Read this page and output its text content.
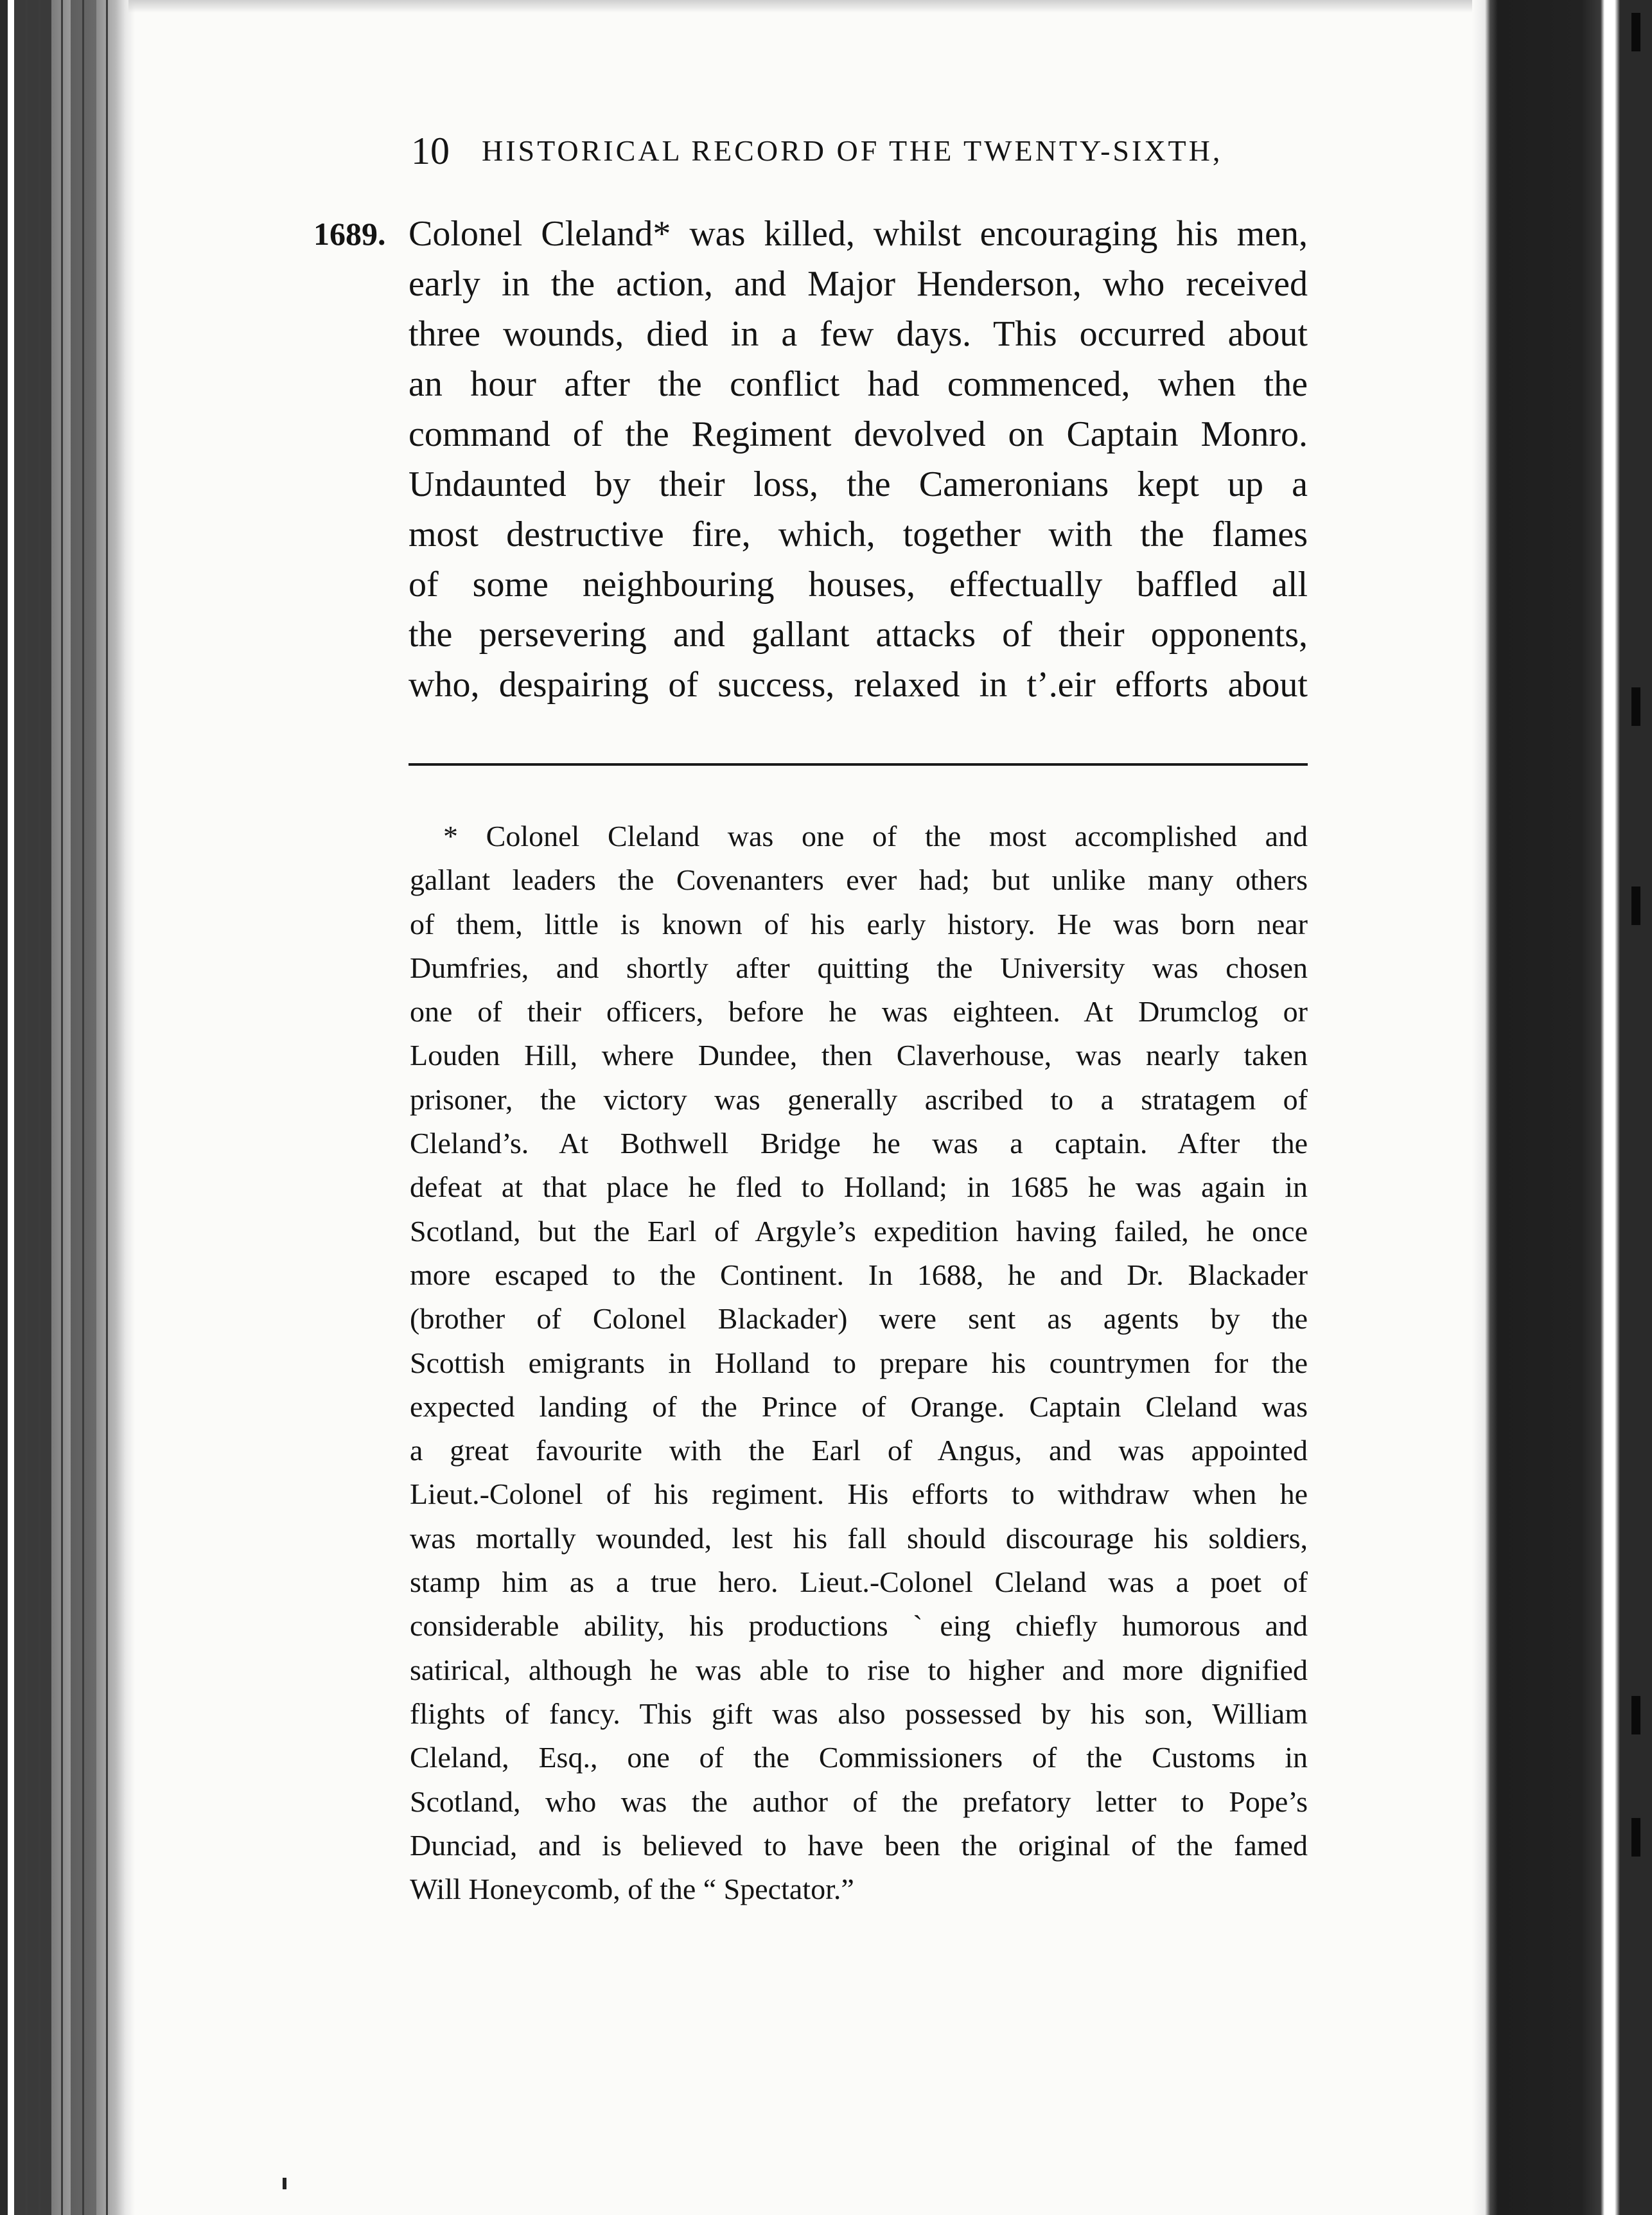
10 HISTORICAL RECORD OF THE TWENTY-SIXTH,
1689. Colonel Cleland* was killed, whilst encouraging his men,
early in the action, and Major Henderson, who received
three wounds, died in a few days. This occurred about
an hour after the conflict had commenced, when the
command of the Regiment devolved on Captain Monro.
Undaunted by their loss, the Cameronians kept up a
most destructive fire, which, together with the flames
of some neighbouring houses, effectually baffled all
the persevering and gallant attacks of their opponents,
who, despairing of success, relaxed in t’.eir efforts about
* Colonel Cleland was one of the most accomplished and
gallant leaders the Covenanters ever had; but unlike many others
of them, little is known of his early history. He was born near
Dumfries, and shortly after quitting the University was chosen
one of their officers, before he was eighteen. At Drumclog or
Louden Hill, where Dundee, then Claverhouse, was nearly taken
prisoner, the victory was generally ascribed to a stratagem of
Cleland’s. At Bothwell Bridge he was a captain. After the
defeat at that place he fled to Holland; in 1685 he was again in
Scotland, but the Earl of Argyle’s expedition having failed, he once
more escaped to the Continent. In 1688, he and Dr. Blackader
(brother of Colonel Blackader) were sent as agents by the
Scottish emigrants in Holland to prepare his countrymen for the
expected landing of the Prince of Orange. Captain Cleland was
a great favourite with the Earl of Angus, and was appointed
Lieut.-Colonel of his regiment. His efforts to withdraw when he
was mortally wounded, lest his fall should discourage his soldiers,
stamp him as a true hero. Lieut.-Colonel Cleland was a poet of
considerable ability, his productions ˋeing chiefly humorous and
satirical, although he was able to rise to higher and more dignified
flights of fancy. This gift was also possessed by his son, William
Cleland, Esq., one of the Commissioners of the Customs in
Scotland, who was the author of the prefatory letter to Pope’s
Dunciad, and is believed to have been the original of the famed
Will Honeycomb, of the “ Spectator.”
